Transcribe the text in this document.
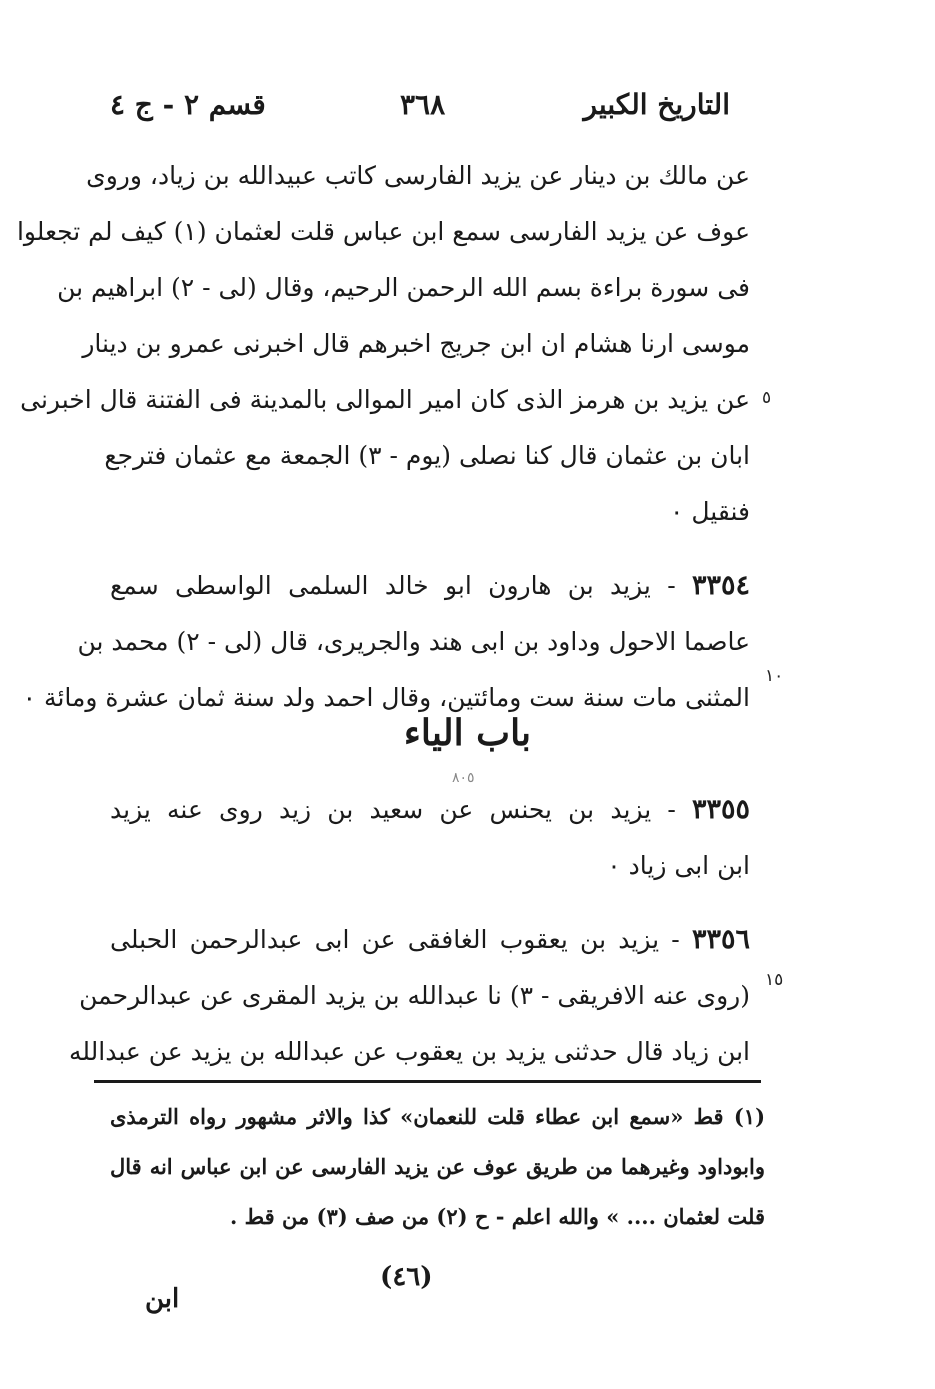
التاريخ الكبير
٣٦٨
قسم ٢ - ج ٤
٥
١٠
١٥
عن مالك بن دينار عن يزيد الفارسى كاتب عبيدالله بن زياد، وروى
عوف عن يزيد الفارسى سمع ابن عباس قلت لعثمان (١) كيف لم تجعلوا
فى سورة براءة بسم الله الرحمن الرحيم، وقال (لى - ٢) ابراهيم بن
موسى ارنا هشام ان ابن جريج اخبرهم قال اخبرنى عمرو بن دينار
عن يزيد بن هرمز الذى كان امير الموالى بالمدينة فى الفتنة قال اخبرنى
ابان بن عثمان قال كنا نصلى (يوم - ٣) الجمعة مع عثمان فترجع
فنقيل ٠
٣٣٥٤ - يزيد بن هارون ابو خالد السلمى الواسطى سمع
عاصما الاحول وداود بن ابى هند والجريرى، قال (لى - ٢) محمد بن
المثنى مات سنة ست ومائتين، وقال احمد ولد سنة ثمان عشرة ومائة ٠
باب الياء
٨٠٥
٣٣٥٥ - يزيد بن يحنس عن سعيد بن زيد روى عنه يزيد
ابن ابى زياد ٠
٣٣٥٦ - يزيد بن يعقوب الغافقى عن ابى عبدالرحمن الحبلى
(روى عنه الافريقى - ٣) نا عبدالله بن يزيد المقرى عن عبدالرحمن
ابن زياد قال حدثنى يزيد بن يعقوب عن عبدالله بن يزيد عن عبدالله
(١) قط «سمع ابن عطاء قلت للنعمان» كذا والاثر مشهور رواه الترمذى
وابوداود وغيرهما من طريق عوف عن يزيد الفارسى عن ابن عباس انه قال
قلت لعثمان .... » والله اعلم - ح (٢) من صف (٣) من قط .
(٤٦)
ابن
